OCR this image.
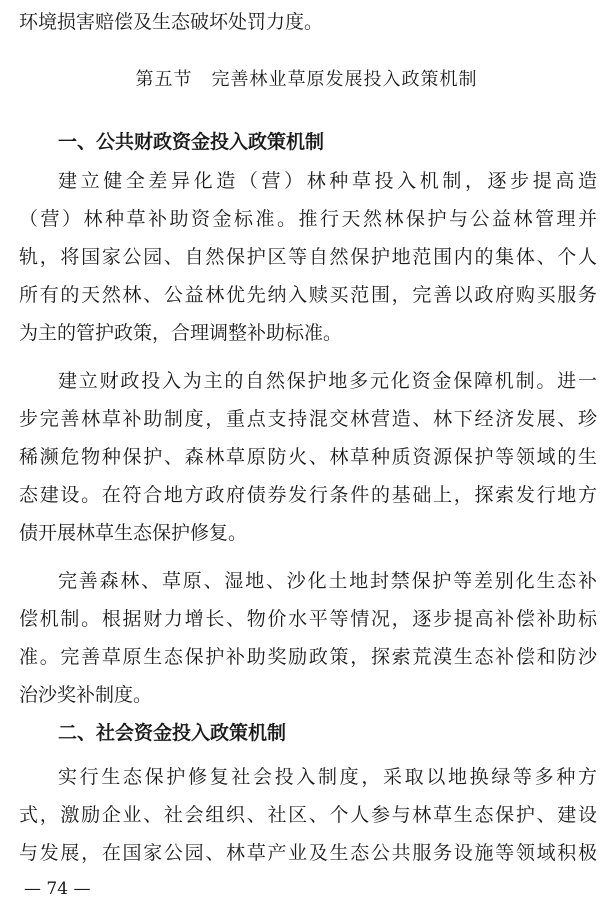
环境损害赔偿及生态破坏处罚力度。
第五节　完善林业草原发展投入政策机制
一、公共财政资金投入政策机制
建立健全差异化造（营）林种草投入机制，逐步提高造
（营）林种草补助资金标准。推行天然林保护与公益林管理并
轨，将国家公园、自然保护区等自然保护地范围内的集体、个人
所有的天然林、公益林优先纳入赎买范围，完善以政府购买服务
为主的管护政策，合理调整补助标准。
建立财政投入为主的自然保护地多元化资金保障机制。进一
步完善林草补助制度，重点支持混交林营造、林下经济发展、珍
稀濒危物种保护、森林草原防火、林草种质资源保护等领域的生
态建设。在符合地方政府债券发行条件的基础上，探索发行地方
债开展林草生态保护修复。
完善森林、草原、湿地、沙化土地封禁保护等差别化生态补
偿机制。根据财力增长、物价水平等情况，逐步提高补偿补助标
准。完善草原生态保护补助奖励政策，探索荒漠生态补偿和防沙
治沙奖补制度。
二、社会资金投入政策机制
实行生态保护修复社会投入制度，采取以地换绿等多种方
式，激励企业、社会组织、社区、个人参与林草生态保护、建设
与发展，在国家公园、林草产业及生态公共服务设施等领域积极
— 74 —
